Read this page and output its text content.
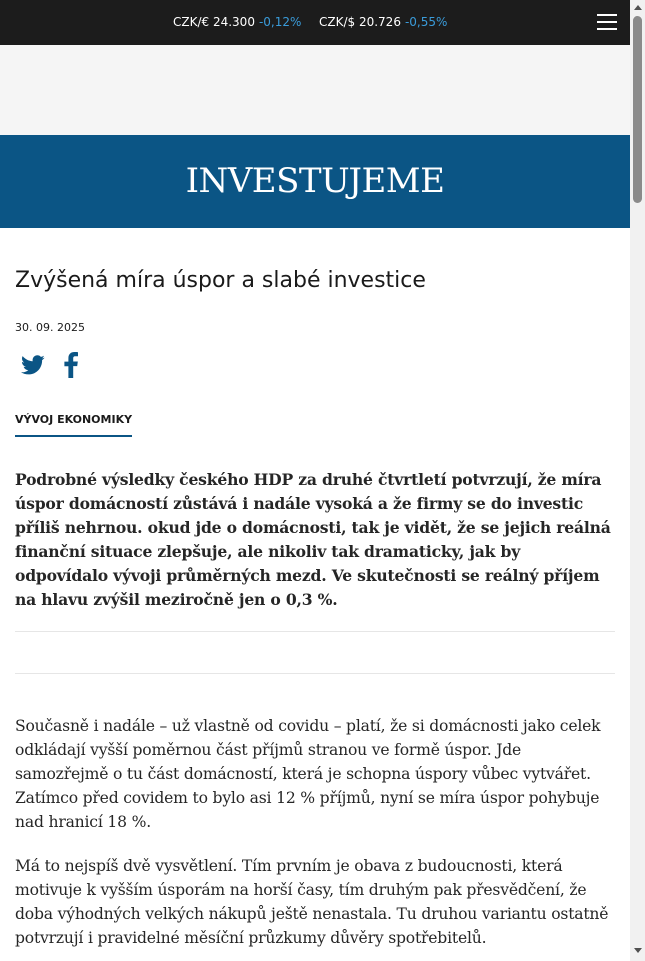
CZK/€ 24.300 -0,12% CZK/$ 20.726 -0,55%
INVESTUJEME
Zvýšená míra úspor a slabé investice
30. 09. 2025
VÝVOJ EKONOMIKY

Podrobné výsledky českého HDP za druhé čtvrtletí potvrzují, že míra úspor domácností zůstává i nadále vysoká a že firmy se do investic příliš nehrnou. okud jde o domácnosti, tak je vidět, že se jejich reálná finanční situace zlepšuje, ale nikoliv tak dramaticky, jak by odpovídalo vývoji průměrných mezd. Ve skutečnosti se reálný příjem na hlavu zvýšil meziročně jen o 0,3 %.

Současně i nadále – už vlastně od covidu – platí, že si domácnosti jako celek odkládají vyšší poměrnou část příjmů stranou ve formě úspor. Jde samozřejmě o tu část domácností, která je schopna úspory vůbec vytvářet. Zatímco před covidem to bylo asi 12 % příjmů, nyní se míra úspor pohybuje nad hranicí 18 %.

Má to nejspíš dvě vysvětlení. Tím prvním je obava z budoucnosti, která motivuje k vyšším úsporám na horší časy, tím druhým pak přesvědčení, že doba výhodných velkých nákupů ještě nenastala. Tu druhou variantu ostatně potvrzují i pravidelné měsíční průzkumy důvěry spotřebitelů.
